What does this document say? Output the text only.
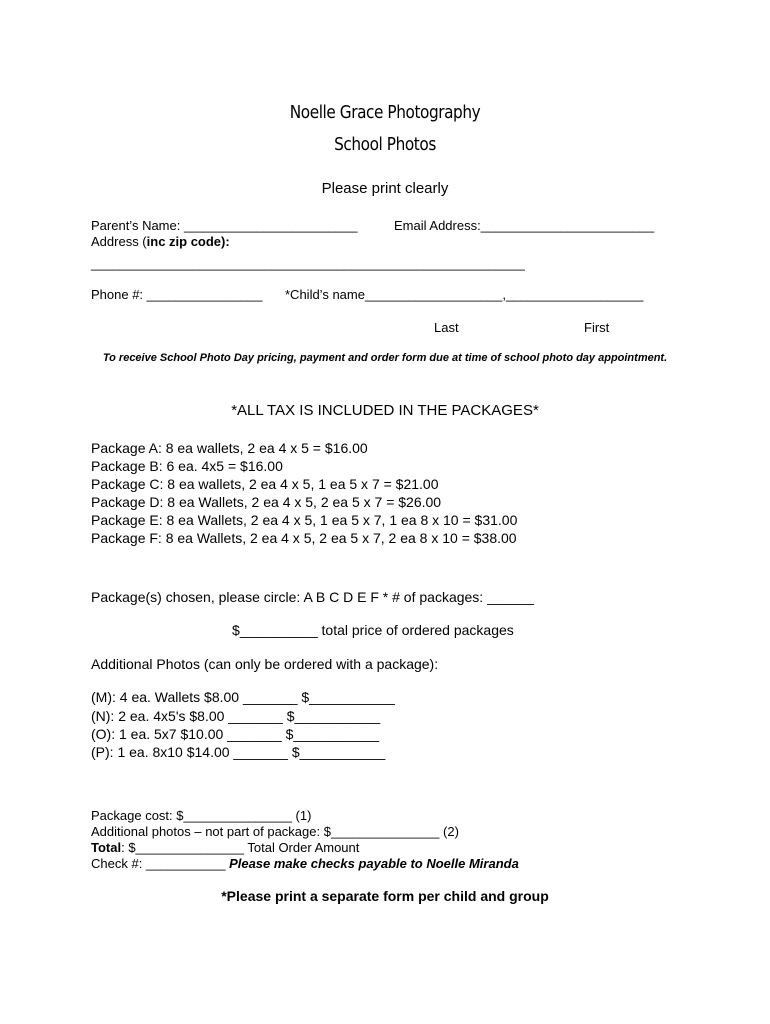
Noelle Grace Photography
School Photos
Please print clearly
Parent’s Name: ________________________	Email Address:________________________
Address (inc zip code):
____________________________________________________________
Phone #: ________________ *Child’s name___________________,___________________
Last	First
To receive School Photo Day pricing, payment and order form due at time of school photo day appointment.
*ALL TAX IS INCLUDED IN THE PACKAGES*
Package A: 8 ea wallets, 2 ea 4 x 5 = $16.00
Package B: 6 ea. 4x5 = $16.00
Package C: 8 ea wallets, 2 ea 4 x 5, 1 ea 5 x 7 = $21.00
Package D: 8 ea Wallets, 2 ea 4 x 5, 2 ea 5 x 7 = $26.00
Package E: 8 ea Wallets, 2 ea 4 x 5, 1 ea 5 x 7, 1 ea 8 x 10 = $31.00
Package F: 8 ea Wallets, 2 ea 4 x 5, 2 ea 5 x 7, 2 ea 8 x 10 = $38.00
Package(s) chosen, please circle: A B C D E F * # of packages: ______
$__________ total price of ordered packages
Additional Photos (can only be ordered with a package):
(M): 4 ea. Wallets $8.00 _______ $___________
(N): 2 ea. 4x5's $8.00 _______ $___________
(O): 1 ea. 5x7 $10.00 _______ $___________
(P): 1 ea. 8x10 $14.00 _______ $___________
Package cost: $_______________ (1)
Additional photos – not part of package: $_______________ (2)
Total: $_______________ Total Order Amount
Check #: ___________ Please make checks payable to Noelle Miranda
*Please print a separate form per child and group
